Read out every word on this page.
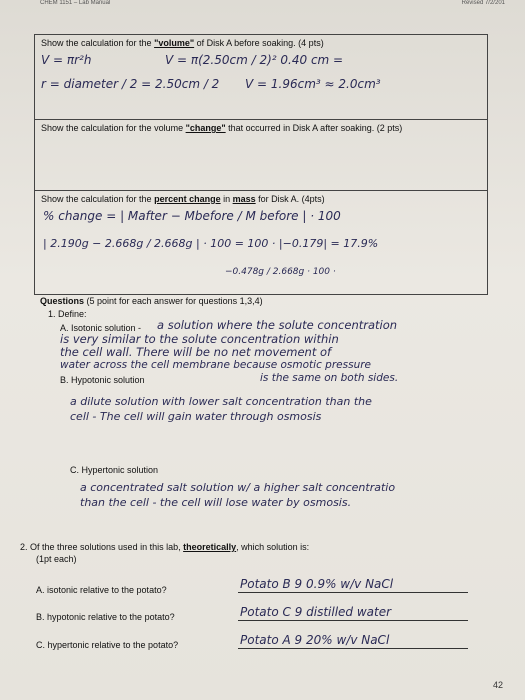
CHEM 1151 – Lab Manual	Revised 7/2/201
Show the calculation for the "volume" of Disk A before soaking. (4 pts)
V = πr²h	V = π(2.50cm / 2)² 0.40 cm =
r = diameter / 2 = 2.50cm / 2 V = 1.96cm³ ≈ 2.0cm³
Show the calculation for the volume "change" that occurred in Disk A after soaking. (2 pts)
Show the calculation for the percent change in mass for Disk A. (4pts)
% change = | Mafter − Mbefore / M before | · 100
| 2.190g − 2.668g / 2.668g | · 100 = 100 · |−0.179| = 17.9%
−0.478g / 2.668g · 100 ·
Questions (5 point for each answer for questions 1,3,4)
1. Define:
A. Isotonic solution - a solution where the solute concentration
is very similar to the solute concentration within
the cell wall. There will be no net movement of
water across the cell membrane because osmotic pressure
is the same on both sides.
B. Hypotonic solution
a dilute solution with lower salt concentration than the
cell - The cell will gain water through osmosis
C. Hypertonic solution
a concentrated salt solution w/ a higher salt concentratio
than the cell - the cell will lose water by osmosis.
2. Of the three solutions used in this lab, theoretically, which solution is:
(1pt each)
A. isotonic relative to the potato?	Potato B 9 0.9% w/v NaCl
B. hypotonic relative to the potato?	Potato C 9 distilled water
C. hypertonic relative to the potato?	Potato A 9 20% w/v NaCl
42
